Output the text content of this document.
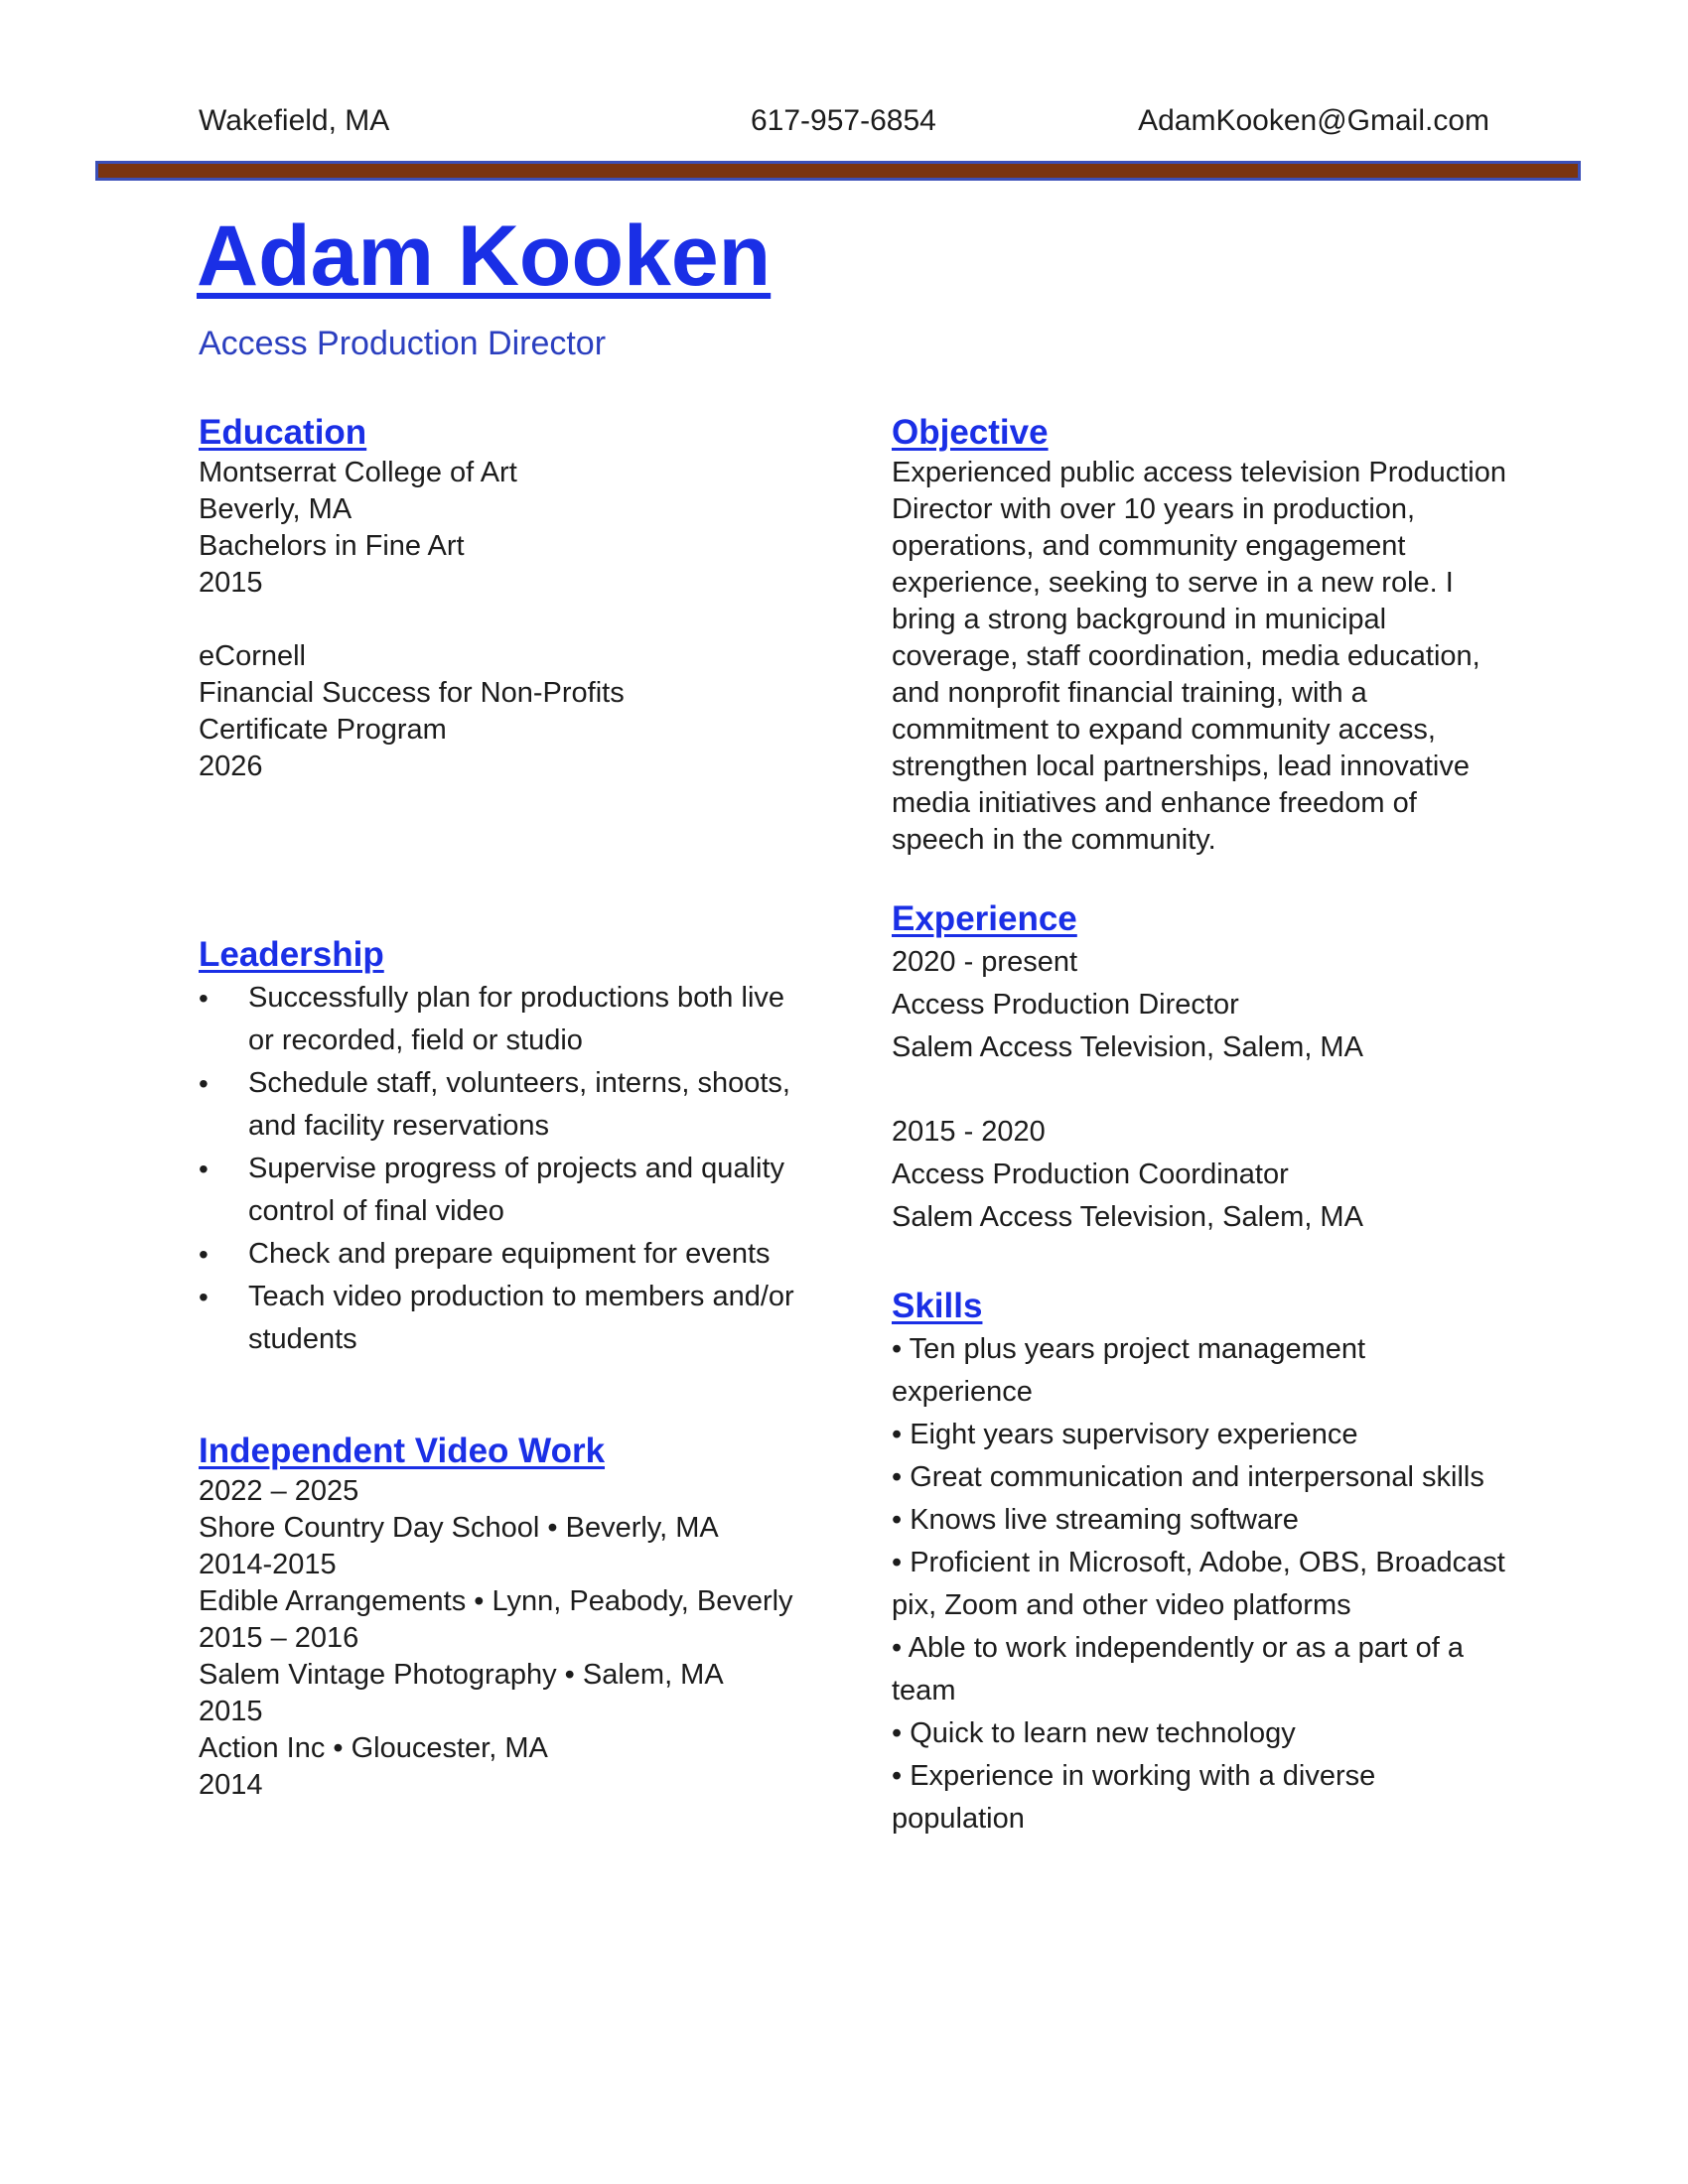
Wakefield, MA	617-957-6854	AdamKooken@Gmail.com
Adam Kooken
Access Production Director
Education

Montserrat College of Art

Beverly, MA

Bachelors in Fine Art

2015

eCornell

Financial Success for Non-Profits

Certificate Program

2026

Leadership
• Successfully plan for productions both live
or recorded, field or studio
• Schedule staff, volunteers, interns, shoots,
and facility reservations
• Supervise progress of projects and quality
control of final video
• Check and prepare equipment for events
• Teach video production to members and/or
students
Independent Video Work

2022 – 2025

Shore Country Day School • Beverly, MA

2014-2015

Edible Arrangements • Lynn, Peabody, Beverly

2015 – 2016

Salem Vintage Photography • Salem, MA

2015

Action Inc • Gloucester, MA

2014

Objective

Experienced public access television Production

Director with over 10 years in production,

operations, and community engagement

experience, seeking to serve in a new role. I

bring a strong background in municipal

coverage, staff coordination, media education,

and nonprofit financial training, with a

commitment to expand community access,

strengthen local partnerships, lead innovative

media initiatives and enhance freedom of

speech in the community.

Experience
2020 - present
Access Production Director
Salem Access Television, Salem, MA
2015 - 2020
Access Production Coordinator
Salem Access Television, Salem, MA
Skills
• Ten plus years project management
experience
• Eight years supervisory experience
• Great communication and interpersonal skills
• Knows live streaming software
• Proficient in Microsoft, Adobe, OBS, Broadcast
pix, Zoom and other video platforms
• Able to work independently or as a part of a
team
• Quick to learn new technology
• Experience in working with a diverse
population
